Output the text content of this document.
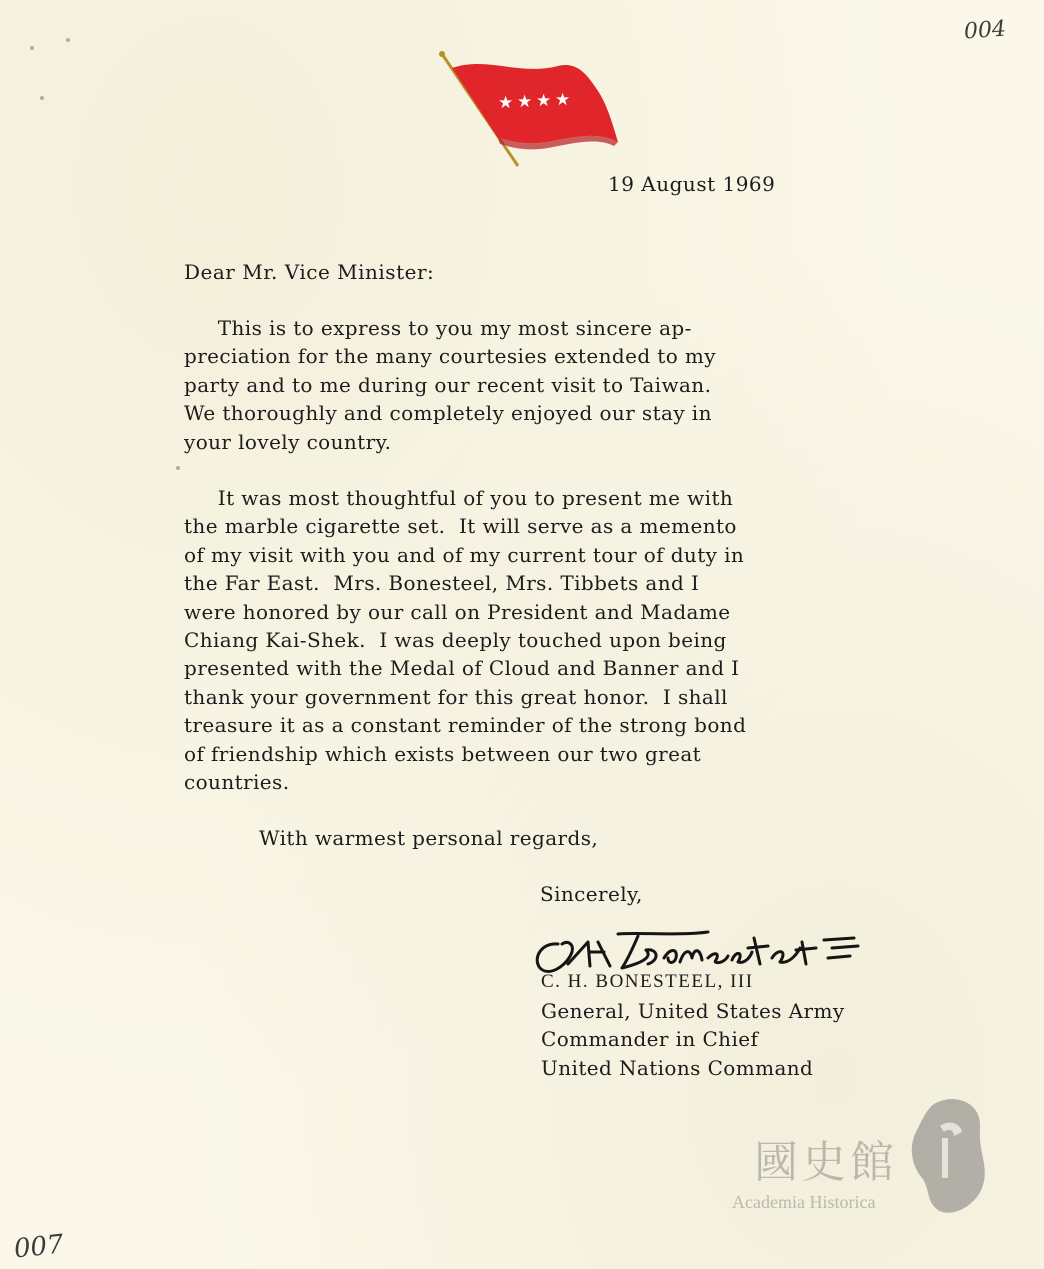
004
★ ★ ★ ★
19 August 1969
Dear Mr. Vice Minister:
This is to express to you my most sincere ap-
preciation for the many courtesies extended to my
party and to me during our recent visit to Taiwan.
We thoroughly and completely enjoyed our stay in
your lovely country.
It was most thoughtful of you to present me with
the marble cigarette set.  It will serve as a memento
of my visit with you and of my current tour of duty in
the Far East.  Mrs. Bonesteel, Mrs. Tibbets and I
were honored by our call on President and Madame
Chiang Kai-Shek.  I was deeply touched upon being
presented with the Medal of Cloud and Banner and I
thank your government for this great honor.  I shall
treasure it as a constant reminder of the strong bond
of friendship which exists between our two great
countries.
With warmest personal regards,
Sincerely,
C. H. BONESTEEL, III
General, United States Army
Commander in Chief
United Nations Command
國史館
Academia Historica
007
